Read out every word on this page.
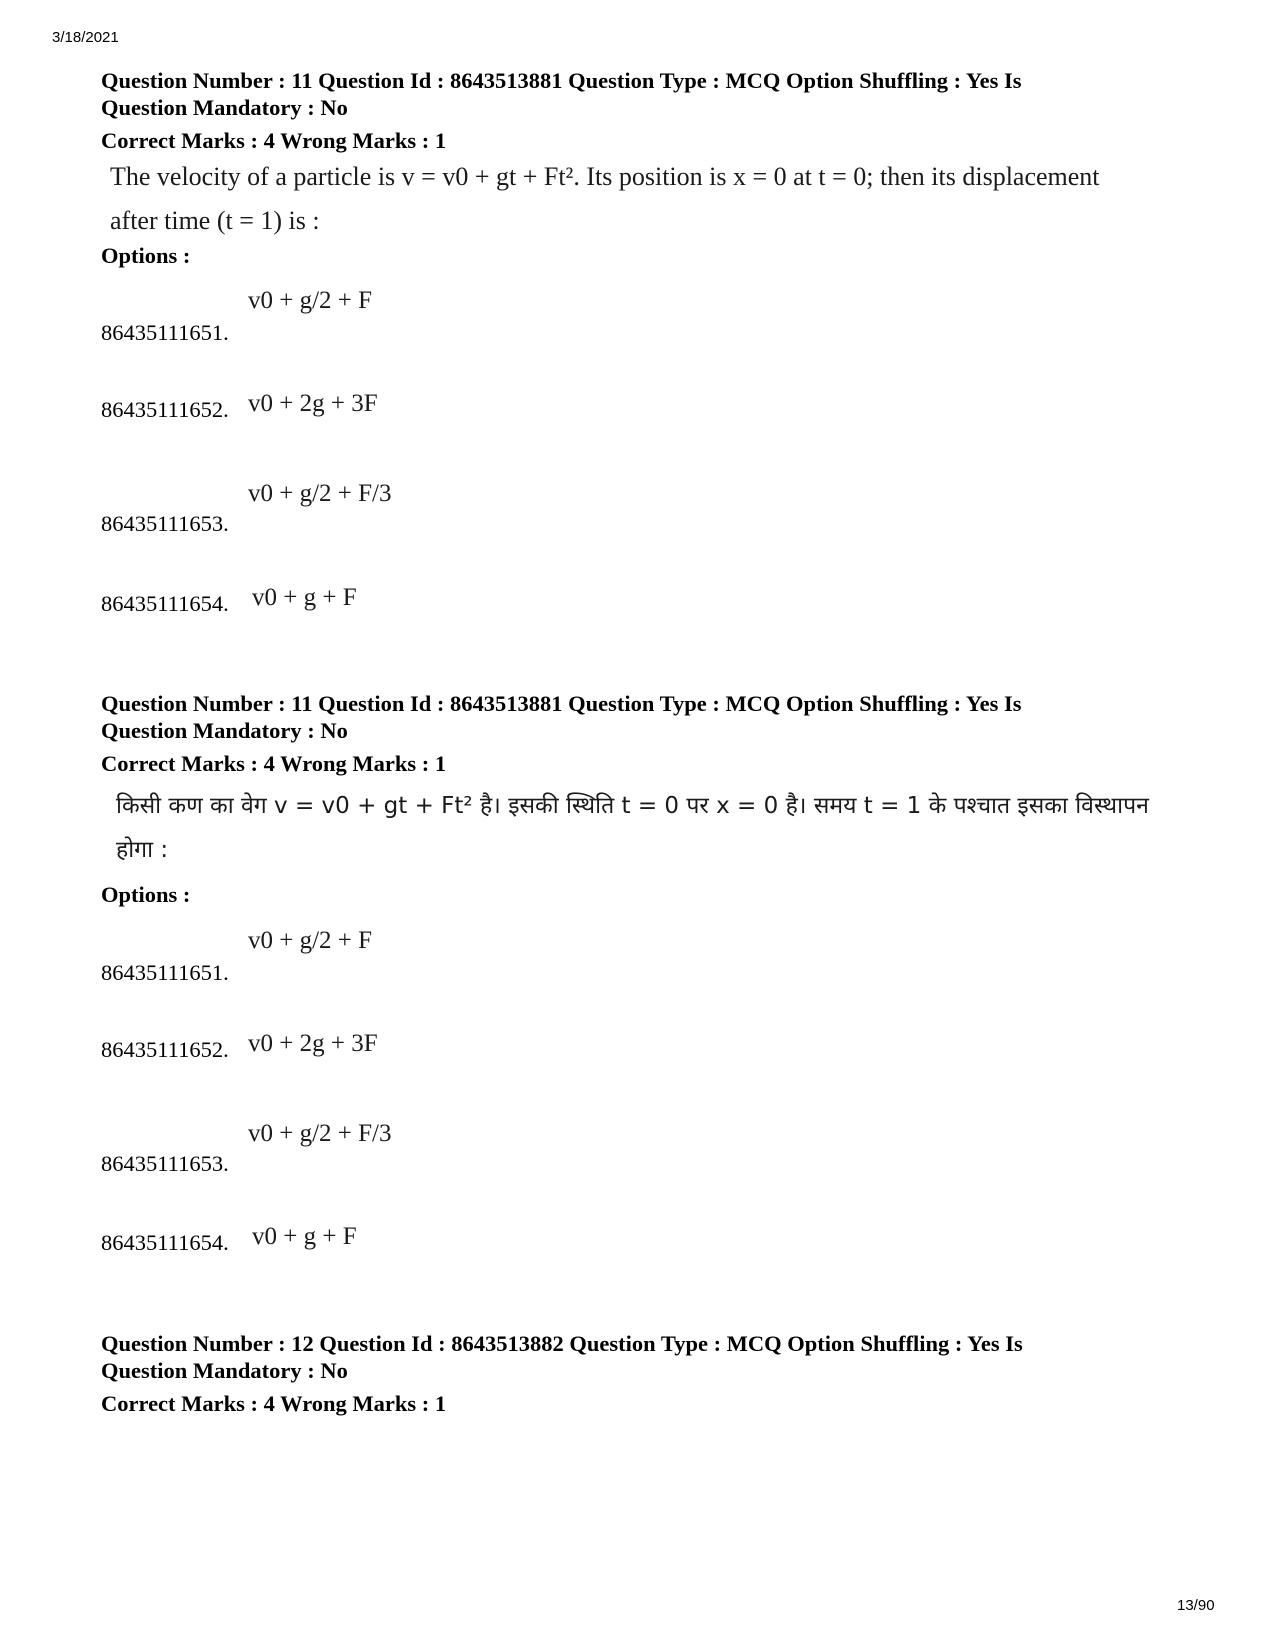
3/18/2021
Question Number : 11 Question Id : 8643513881 Question Type : MCQ Option Shuffling : Yes Is
Question Mandatory : No
Correct Marks : 4 Wrong Marks : 1
The velocity of a particle is v = v0 + gt + Ft². Its position is x = 0 at t = 0; then its displacement
after time (t = 1) is :
Options :
86435111651.
v0 + g/2 + F
86435111652. v0 + 2g + 3F
86435111653.
v0 + g/2 + F/3
86435111654. v0 + g + F
Question Number : 11 Question Id : 8643513881 Question Type : MCQ Option Shuffling : Yes Is
Question Mandatory : No
Correct Marks : 4 Wrong Marks : 1
किसी कण का वेग v = v0 + gt + Ft² है। इसकी स्थिति t = 0 पर x = 0 है। समय t = 1 के पश्चात इसका विस्थापन
होगा :
Options :
86435111651.
v0 + g/2 + F
86435111652. v0 + 2g + 3F
86435111653.
v0 + g/2 + F/3
86435111654. v0 + g + F
Question Number : 12 Question Id : 8643513882 Question Type : MCQ Option Shuffling : Yes Is
Question Mandatory : No
Correct Marks : 4 Wrong Marks : 1
13/90
